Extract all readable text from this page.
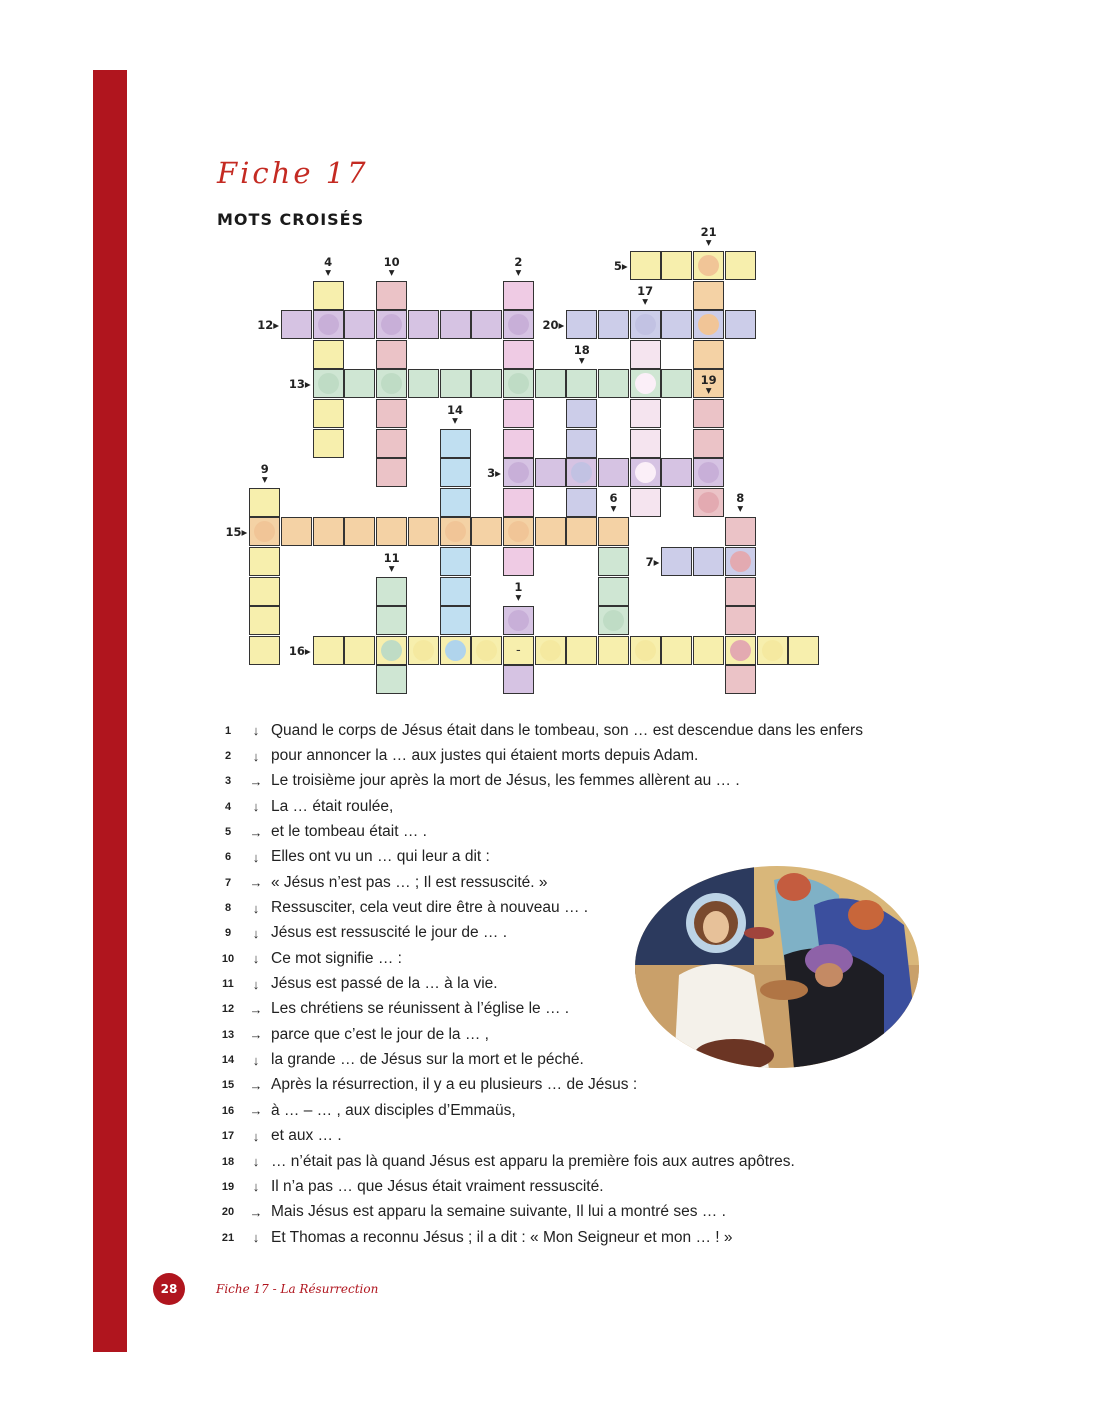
Fiche 17
MOTS CROISÉS
-
1
▾
2
▾
3▸
4
▾	5▸
6
▾
7▸
8
▾
9
▾
10
▾
11
▾
12▸
13▸
14
▾
15▸
16▸
17
▾
18
▾
19
▾
20▸
21
▾
1	↓ Quand le corps de Jésus était dans le tombeau, son … est descendue dans les enfers
2	↓ pour annoncer la … aux justes qui étaient morts depuis Adam.
3	→ Le troisième jour après la mort de Jésus, les femmes allèrent au … .
4	↓ La … était roulée,
5	→ et le tombeau était … .
6	↓ Elles ont vu un … qui leur a dit :
7	→ « Jésus n’est pas … ; Il est ressuscité. »
8	↓ Ressusciter, cela veut dire être à nouveau … .
9	↓ Jésus est ressuscité le jour de … .
10	↓ Ce mot signifie … :
11	↓ Jésus est passé de la … à la vie.
12	→ Les chrétiens se réunissent à l’église le … .
13	→ parce que c’est le jour de la … ,
14	↓ la grande … de Jésus sur la mort et le péché.
15	→ Après la résurrection, il y a eu plusieurs … de Jésus :
16	→ à … – … , aux disciples d’Emmaüs,
17	↓ et aux … .
18	↓ … n’était pas là quand Jésus est apparu la première fois aux autres apôtres.
19	↓ Il n’a pas … que Jésus était vraiment ressuscité.
20	→ Mais Jésus est apparu la semaine suivante, Il lui a montré ses … .
21	↓ Et Thomas a reconnu Jésus ; il a dit : « Mon Seigneur et mon … ! »
28	Fiche 17 - La Résurrection
